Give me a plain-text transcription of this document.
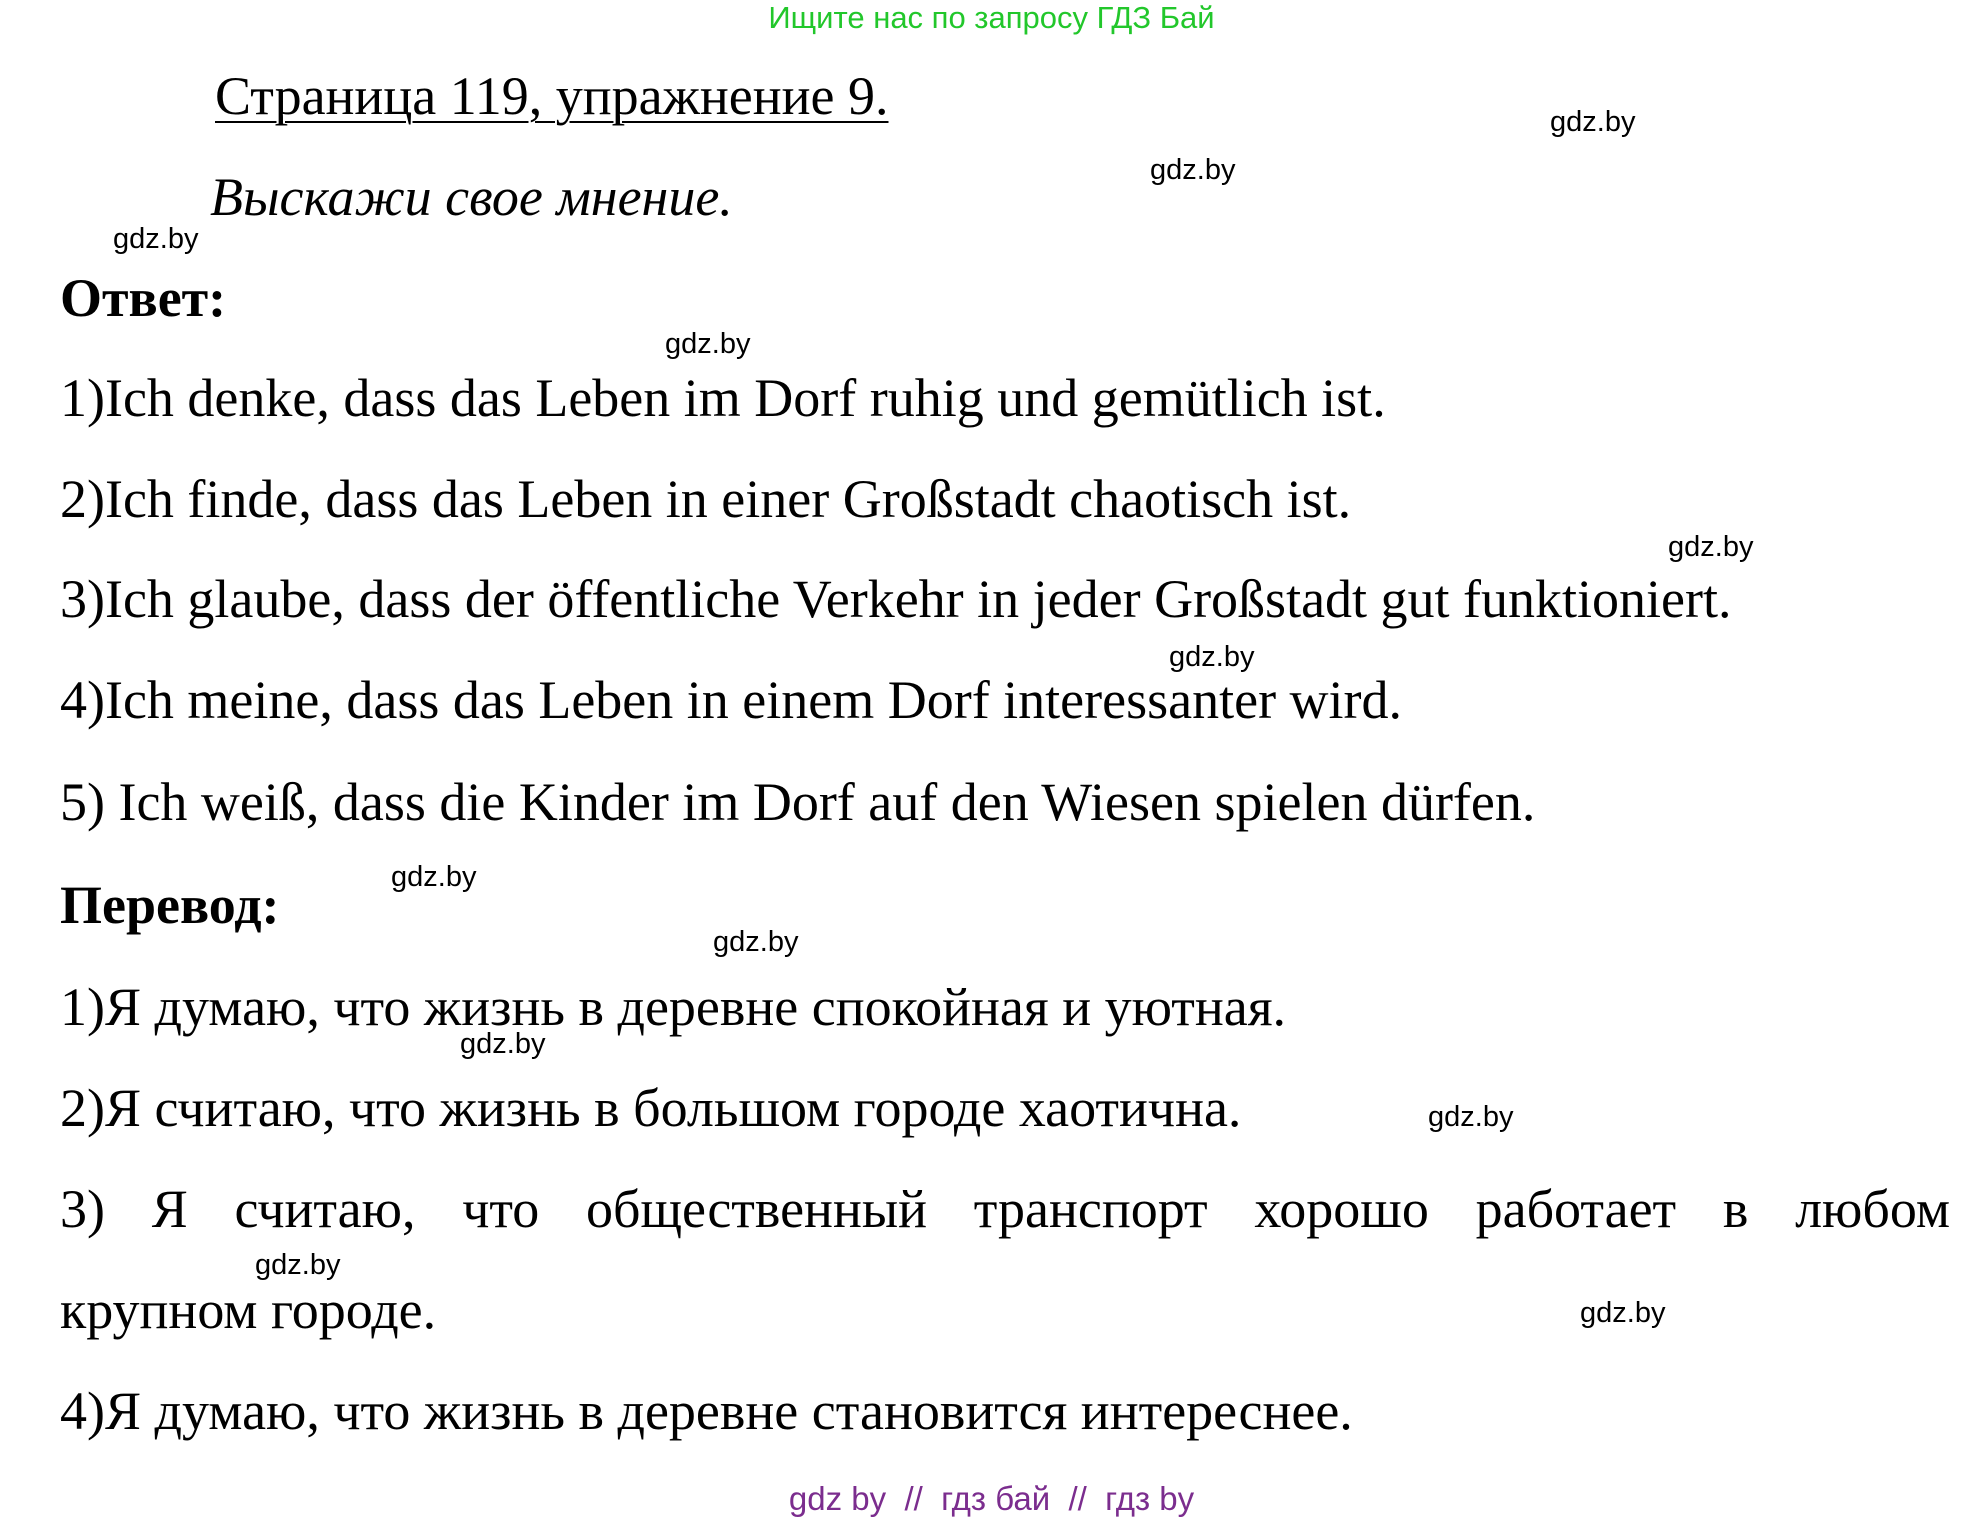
Ищите нас по запросу ГДЗ Бай
Страница 119, упражнение 9.
Выскажи свое мнение.
Ответ:
1)Ich denke, dass das Leben im Dorf ruhig und gemütlich ist.
2)Ich finde, dass das Leben in einer Großstadt chaotisch ist.
3)Ich glaube, dass der öffentliche Verkehr in jeder Großstadt gut funktioniert.
4)Ich meine, dass das Leben in einem Dorf interessanter wird.
5) Ich weiß, dass die Kinder im Dorf auf den Wiesen spielen dürfen.
Перевод:
1)Я думаю, что жизнь в деревне спокойная и уютная.
2)Я считаю, что жизнь в большом городе хаотична.
3) Я считаю, что общественный транспорт хорошо работает в любом
крупном городе.
4)Я думаю, что жизнь в деревне становится интереснее.
gdz.by
gdz.by
gdz.by
gdz.by
gdz.by
gdz.by
gdz.by
gdz.by
gdz.by
gdz.by
gdz.by
gdz.by
gdz by  //  гдз бай  //  гдз by
